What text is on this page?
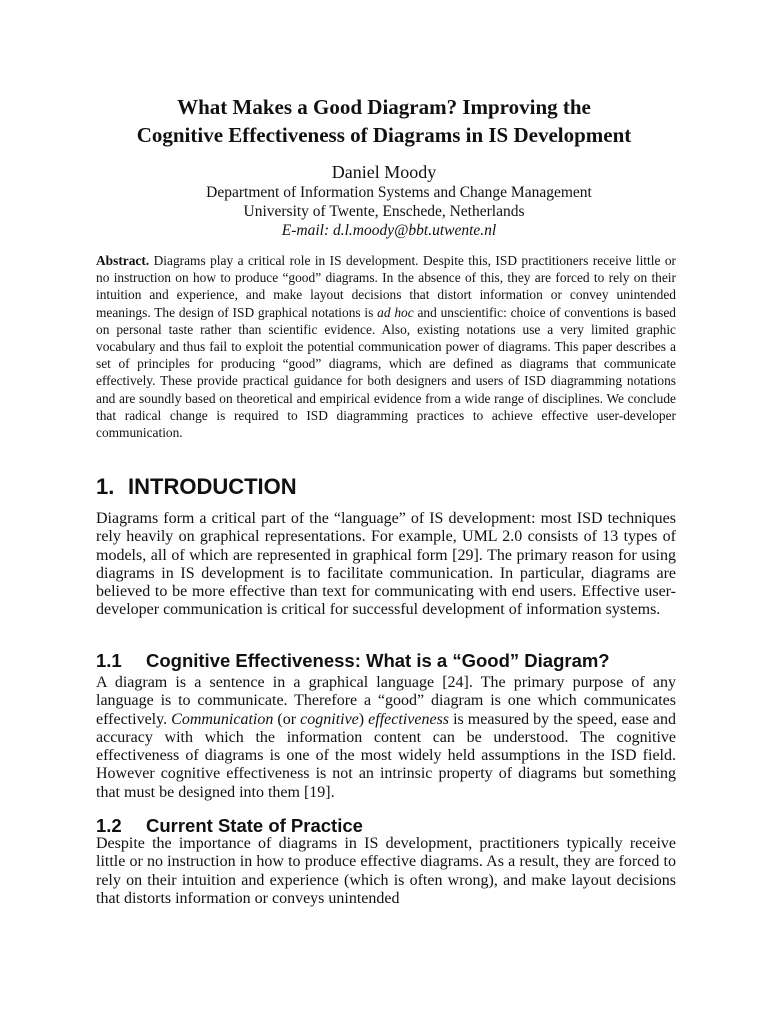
What Makes a Good Diagram? Improving the
Cognitive Effectiveness of Diagrams in IS Development
Daniel Moody
Department of Information Systems and Change Management
University of Twente, Enschede, Netherlands
E-mail: d.l.moody@bbt.utwente.nl
Abstract. Diagrams play a critical role in IS development. Despite this, ISD practitioners receive little or no instruction on how to produce “good” diagrams. In the absence of this, they are forced to rely on their intuition and experience, and make layout decisions that distort information or convey unintended meanings. The design of ISD graphical notations is ad hoc and unscientific: choice of conventions is based on personal taste rather than scientific evidence. Also, existing notations use a very limited graphic vocabulary and thus fail to exploit the potential communication power of diagrams. This paper describes a set of principles for producing “good” diagrams, which are defined as diagrams that communicate effectively. These provide practical guidance for both designers and users of ISD diagramming notations and are soundly based on theoretical and empirical evidence from a wide range of disciplines. We conclude that radical change is required to ISD diagramming practices to achieve effective user-developer communication.
1. INTRODUCTION
Diagrams form a critical part of the “language” of IS development: most ISD techniques rely heavily on graphical representations. For example, UML 2.0 consists of 13 types of models, all of which are represented in graphical form [29]. The primary reason for using diagrams in IS development is to facilitate communication. In particular, diagrams are believed to be more effective than text for communicating with end users. Effective user-developer communication is critical for successful development of information systems.
1.1 Cognitive Effectiveness: What is a “Good” Diagram?
A diagram is a sentence in a graphical language [24]. The primary purpose of any language is to communicate. Therefore a “good” diagram is one which communicates effectively. Communication (or cognitive) effectiveness is measured by the speed, ease and accuracy with which the information content can be understood. The cognitive effectiveness of diagrams is one of the most widely held assumptions in the ISD field. However cognitive effectiveness is not an intrinsic property of diagrams but something that must be designed into them [19].
1.2 Current State of Practice
Despite the importance of diagrams in IS development, practitioners typically receive little or no instruction in how to produce effective diagrams. As a result, they are forced to rely on their intuition and experience (which is often wrong), and make layout decisions that distorts information or conveys unintended
